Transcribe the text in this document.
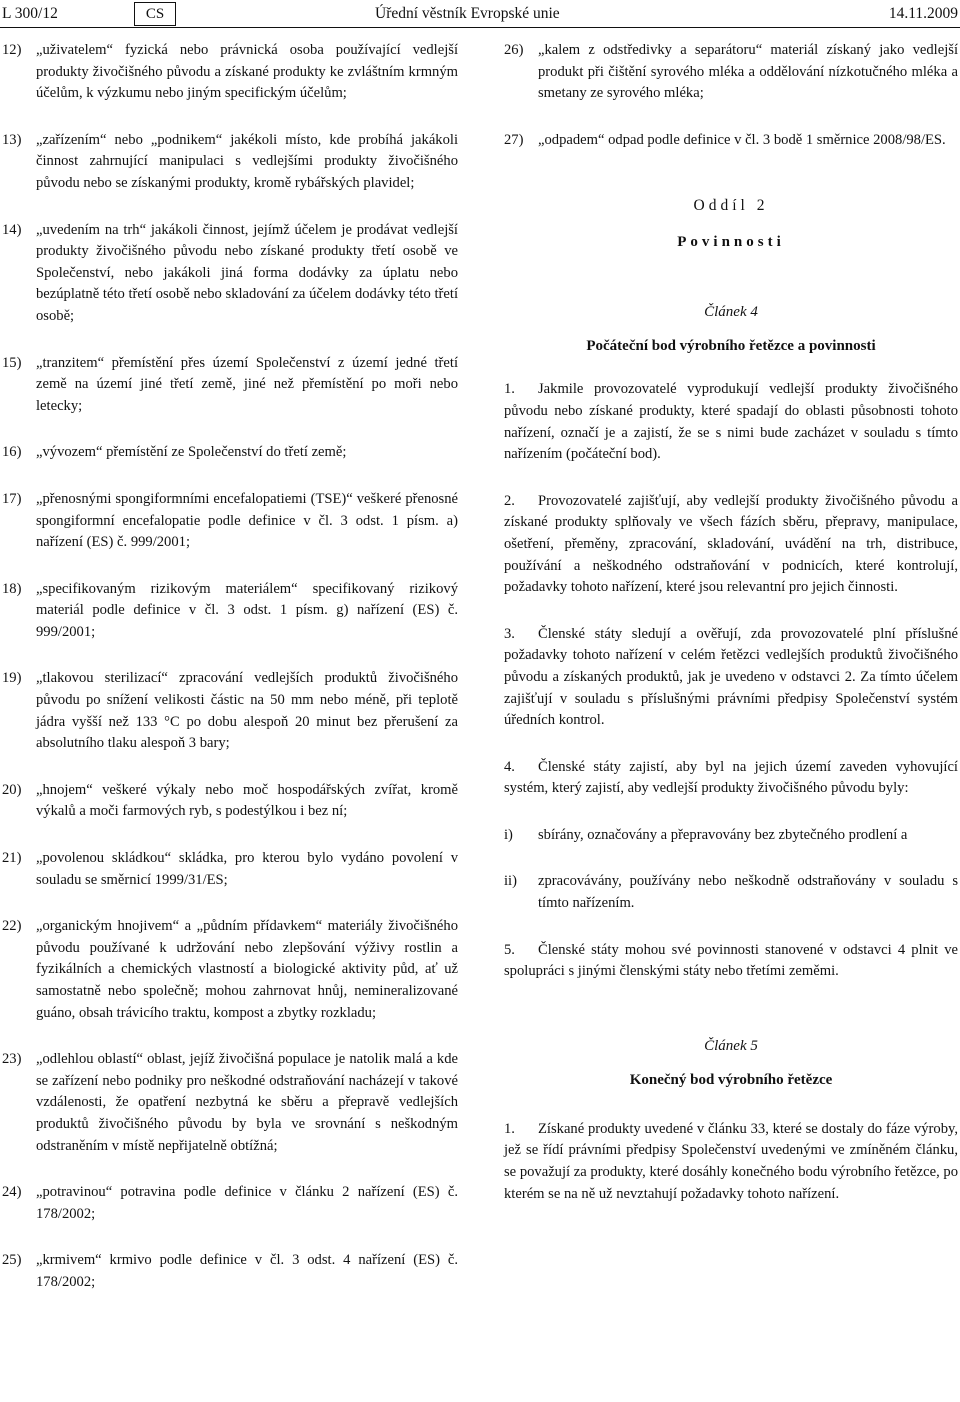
L 300/12	CS	Úřední věstník Evropské unie	14.11.2009
12) „uživatelem“ fyzická nebo právnická osoba používající vedlejší produkty živočišného původu a získané produkty ke zvláštním krmným účelům, k výzkumu nebo jiným specifickým účelům;
13) „zařízením“ nebo „podnikem“ jakékoli místo, kde probíhá jakákoli činnost zahrnující manipulaci s vedlejšími produkty živočišného původu nebo se získanými produkty, kromě rybářských plavidel;
14) „uvedením na trh“ jakákoli činnost, jejímž účelem je prodávat vedlejší produkty živočišného původu nebo získané produkty třetí osobě ve Společenství, nebo jakákoli jiná forma dodávky za úplatu nebo bezúplatně této třetí osobě nebo skladování za účelem dodávky této třetí osobě;
15) „tranzitem“ přemístění přes území Společenství z území jedné třetí země na území jiné třetí země, jiné než přemístění po moři nebo letecky;
16) „vývozem“ přemístění ze Společenství do třetí země;
17) „přenosnými spongiformními encefalopatiemi (TSE)“ veškeré přenosné spongiformní encefalopatie podle definice v čl. 3 odst. 1 písm. a) nařízení (ES) č. 999/2001;
18) „specifikovaným rizikovým materiálem“ specifikovaný rizikový materiál podle definice v čl. 3 odst. 1 písm. g) nařízení (ES) č. 999/2001;
19) „tlakovou sterilizací“ zpracování vedlejších produktů živočišného původu po snížení velikosti částic na 50 mm nebo méně, při teplotě jádra vyšší než 133 °C po dobu alespoň 20 minut bez přerušení za absolutního tlaku alespoň 3 bary;
20) „hnojem“ veškeré výkaly nebo moč hospodářských zvířat, kromě výkalů a moči farmových ryb, s podestýlkou i bez ní;
21) „povolenou skládkou“ skládka, pro kterou bylo vydáno povolení v souladu se směrnicí 1999/31/ES;
22) „organickým hnojivem“ a „půdním přídavkem“ materiály živočišného původu používané k udržování nebo zlepšování výživy rostlin a fyzikálních a chemických vlastností a biologické aktivity půd, ať už samostatně nebo společně; mohou zahrnovat hnůj, nemineralizované guáno, obsah trávicího traktu, kompost a zbytky rozkladu;
23) „odlehlou oblastí“ oblast, jejíž živočišná populace je natolik malá a kde se zařízení nebo podniky pro neškodné odstraňování nacházejí v takové vzdálenosti, že opatření nezbytná ke sběru a přepravě vedlejších produktů živočišného původu by byla ve srovnání s neškodným odstraněním v místě nepřijatelně obtížná;
24) „potravinou“ potravina podle definice v článku 2 nařízení (ES) č. 178/2002;
25) „krmivem“ krmivo podle definice v čl. 3 odst. 4 nařízení (ES) č. 178/2002;
26) „kalem z odstředivky a separátoru“ materiál získaný jako vedlejší produkt při čištění syrového mléka a oddělování nízkotučného mléka a smetany ze syrového mléka;
27) „odpadem“ odpad podle definice v čl. 3 bodě 1 směrnice 2008/98/ES.

Oddíl 2

Povinnosti

Článek 4

Počáteční bod výrobního řetězce a povinnosti

1. Jakmile provozovatelé vyprodukují vedlejší produkty živočišného původu nebo získané produkty, které spadají do oblasti působnosti tohoto nařízení, označí je a zajistí, že se s nimi bude zacházet v souladu s tímto nařízením (počáteční bod).
2. Provozovatelé zajišťují, aby vedlejší produkty živočišného původu a získané produkty splňovaly ve všech fázích sběru, přepravy, manipulace, ošetření, přeměny, zpracování, skladování, uvádění na trh, distribuce, používání a neškodného odstraňování v podnicích, které kontrolují, požadavky tohoto nařízení, které jsou relevantní pro jejich činnosti.
3. Členské státy sledují a ověřují, zda provozovatelé plní příslušné požadavky tohoto nařízení v celém řetězci vedlejších produktů živočišného původu a získaných produktů, jak je uvedeno v odstavci 2. Za tímto účelem zajišťují v souladu s příslušnými právními předpisy Společenství systém úředních kontrol.
4. Členské státy zajistí, aby byl na jejich území zaveden vyhovující systém, který zajistí, aby vedlejší produkty živočišného původu byly:
i) sbírány, označovány a přepravovány bez zbytečného prodlení a
ii) zpracovávány, používány nebo neškodně odstraňovány v souladu s tímto nařízením.
5. Členské státy mohou své povinnosti stanovené v odstavci 4 plnit ve spolupráci s jinými členskými státy nebo třetími zeměmi.

Článek 5

Konečný bod výrobního řetězce

1. Získané produkty uvedené v článku 33, které se dostaly do fáze výroby, jež se řídí právními předpisy Společenství uvedenými ve zmíněném článku, se považují za produkty, které dosáhly konečného bodu výrobního řetězce, po kterém se na ně už nevztahují požadavky tohoto nařízení.
